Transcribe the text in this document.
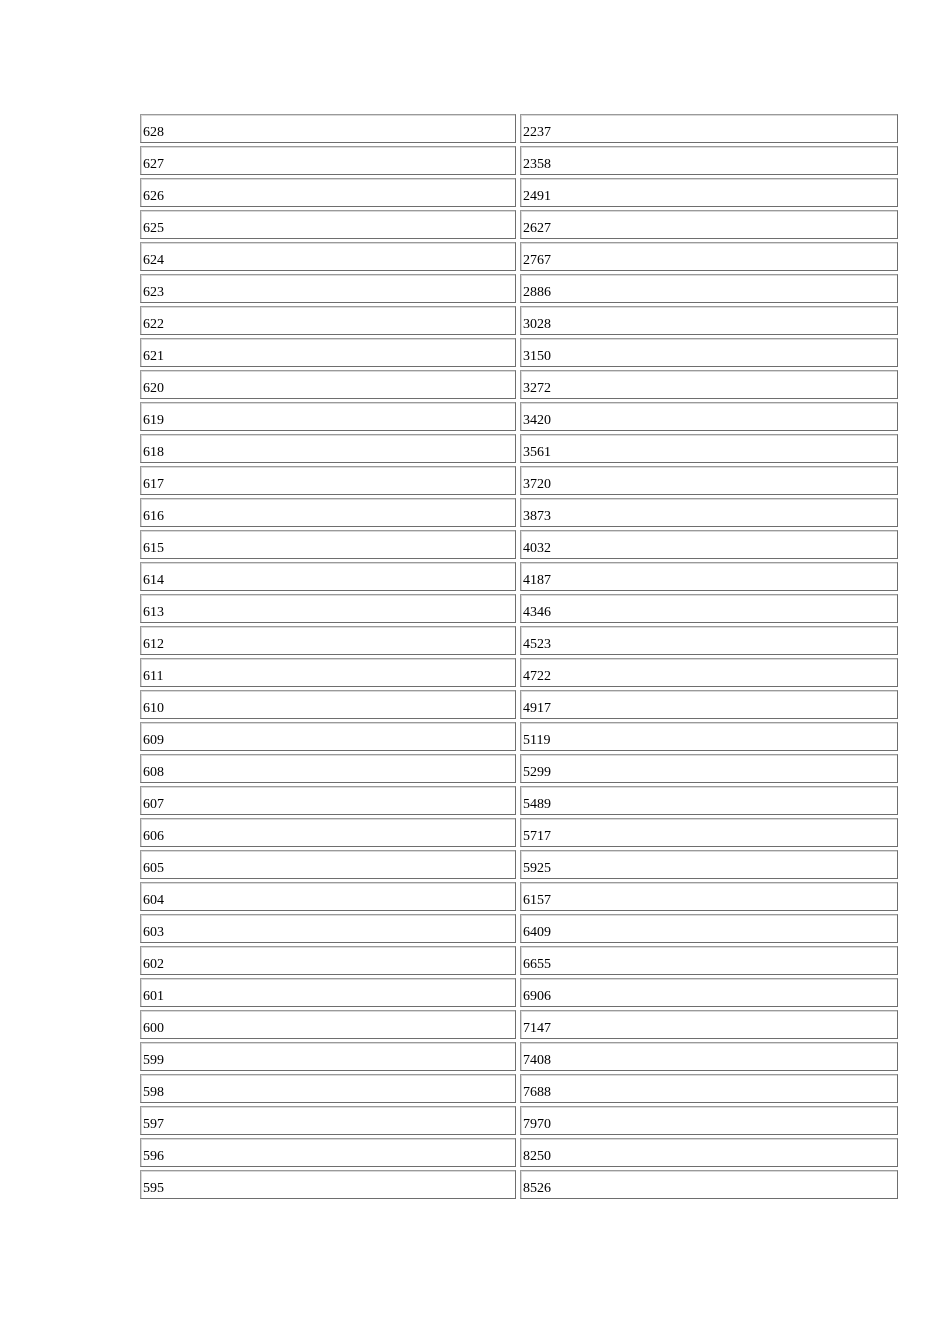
628	2237
627	2358
626	2491
625	2627
624	2767
623	2886
622	3028
621	3150
620	3272
619	3420
618	3561
617	3720
616	3873
615	4032
614	4187
613	4346
612	4523
611	4722
610	4917
609	5119
608	5299
607	5489
606	5717
605	5925
604	6157
603	6409
602	6655
601	6906
600	7147
599	7408
598	7688
597	7970
596	8250
595	8526
